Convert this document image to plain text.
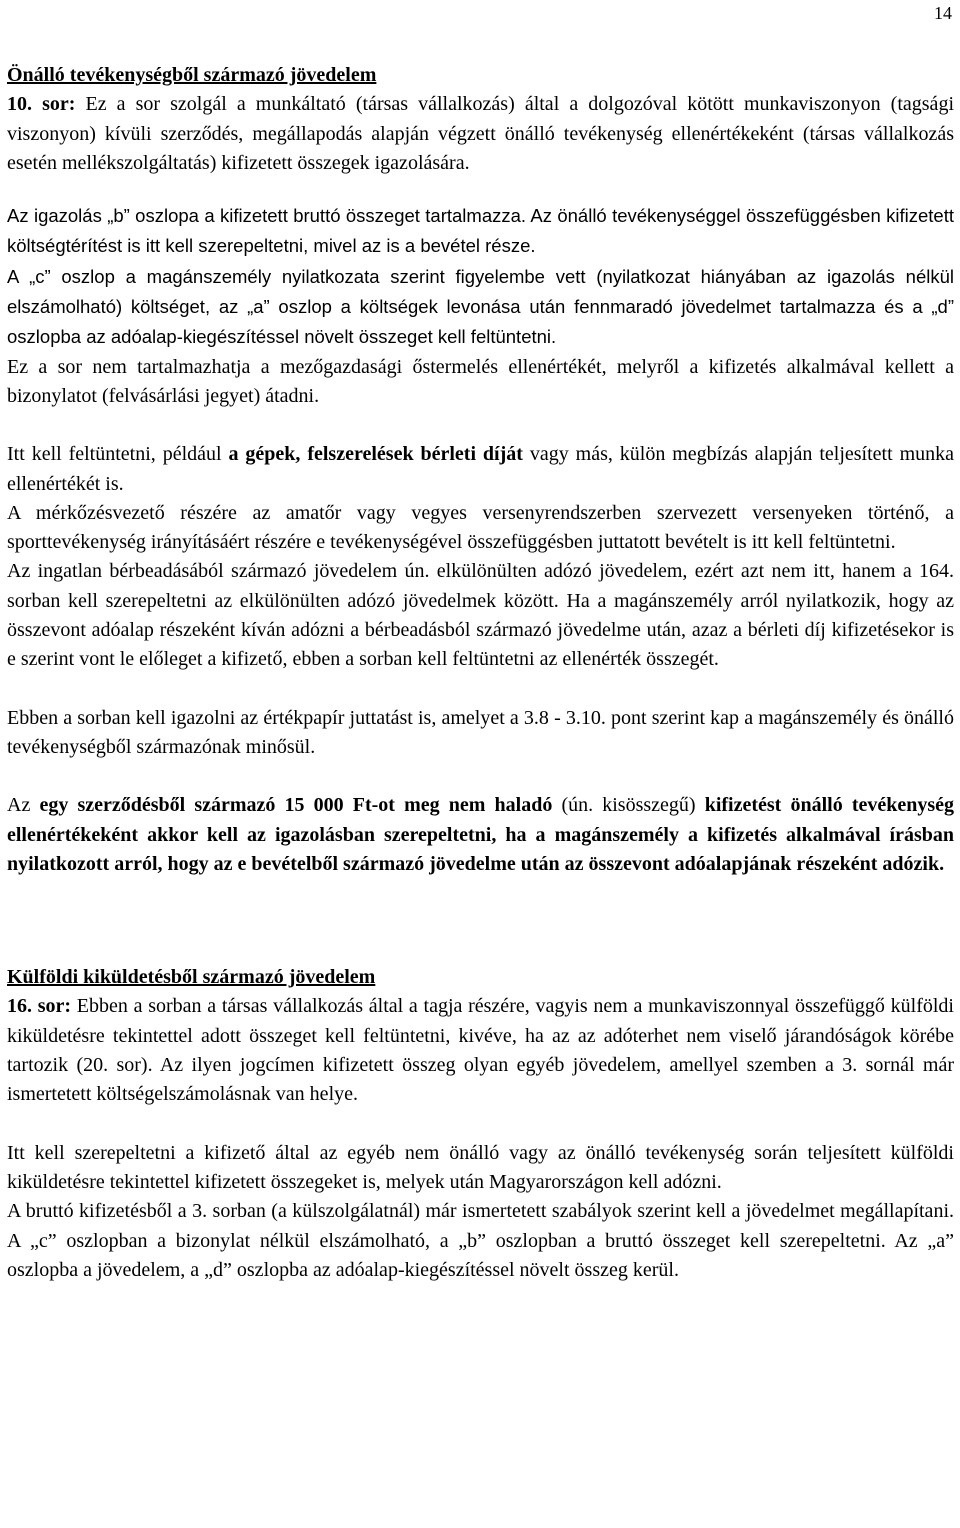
14

Önálló tevékenységből származó jövedelem

10. sor: Ez a sor szolgál a munkáltató (társas vállalkozás) által a dolgozóval kötött munkaviszonyon (tagsági viszonyon) kívüli szerződés, megállapodás alapján végzett önálló tevékenység ellenértékeként (társas vállalkozás esetén mellékszolgáltatás) kifizetett összegek igazolására.

Az igazolás „b” oszlopa a kifizetett bruttó összeget tartalmazza. Az önálló tevékenységgel összefüggésben kifizetett költségtérítést is itt kell szerepeltetni, mivel az is a bevétel része.

A „c” oszlop a magánszemély nyilatkozata szerint figyelembe vett (nyilatkozat hiányában az igazolás nélkül elszámolható) költséget, az „a” oszlop a költségek levonása után fennmaradó jövedelmet tartalmazza és a „d” oszlopba az adóalap-kiegészítéssel növelt összeget kell feltüntetni.

Ez a sor nem tartalmazhatja a mezőgazdasági őstermelés ellenértékét, melyről a kifizetés alkalmával kellett a bizonylatot (felvásárlási jegyet) átadni.

Itt kell feltüntetni, például a gépek, felszerelések bérleti díját vagy más, külön megbízás alapján teljesített munka ellenértékét is.

A mérkőzésvezető részére az amatőr vagy vegyes versenyrendszerben szervezett versenyeken történő, a sporttevékenység irányításáért részére e tevékenységével összefüggésben juttatott bevételt is itt kell feltüntetni.

Az ingatlan bérbeadásából származó jövedelem ún. elkülönülten adózó jövedelem, ezért azt nem itt, hanem a 164. sorban kell szerepeltetni az elkülönülten adózó jövedelmek között. Ha a magánszemély arról nyilatkozik, hogy az összevont adóalap részeként kíván adózni a bérbeadásból származó jövedelme után, azaz a bérleti díj kifizetésekor is e szerint vont le előleget a kifizető, ebben a sorban kell feltüntetni az ellenérték összegét.

Ebben a sorban kell igazolni az értékpapír juttatást is, amelyet a 3.8 - 3.10. pont szerint kap a magánszemély és önálló tevékenységből származónak minősül.

Az egy szerződésből származó 15 000 Ft-ot meg nem haladó (ún. kisösszegű) kifizetést önálló tevékenység ellenértékeként akkor kell az igazolásban szerepeltetni, ha a magánszemély a kifizetés alkalmával írásban nyilatkozott arról, hogy az e bevételből származó jövedelme után az összevont adóalapjának részeként adózik.

Külföldi kiküldetésből származó jövedelem

16. sor: Ebben a sorban a társas vállalkozás által a tagja részére, vagyis nem a munkaviszonnyal összefüggő külföldi kiküldetésre tekintettel adott összeget kell feltüntetni, kivéve, ha az az adóterhet nem viselő járandóságok körébe tartozik (20. sor). Az ilyen jogcímen kifizetett összeg olyan egyéb jövedelem, amellyel szemben a 3. sornál már ismertetett költségelszámolásnak van helye.

Itt kell szerepeltetni a kifizető által az egyéb nem önálló vagy az önálló tevékenység során teljesített külföldi kiküldetésre tekintettel kifizetett összegeket is, melyek után Magyarországon kell adózni.

A bruttó kifizetésből a 3. sorban (a külszolgálatnál) már ismertetett szabályok szerint kell a jövedelmet megállapítani. A „c” oszlopban a bizonylat nélkül elszámolható, a „b” oszlopban a bruttó összeget kell szerepeltetni. Az „a” oszlopba a jövedelem, a „d” oszlopba az adóalap-kiegészítéssel növelt összeg kerül.
